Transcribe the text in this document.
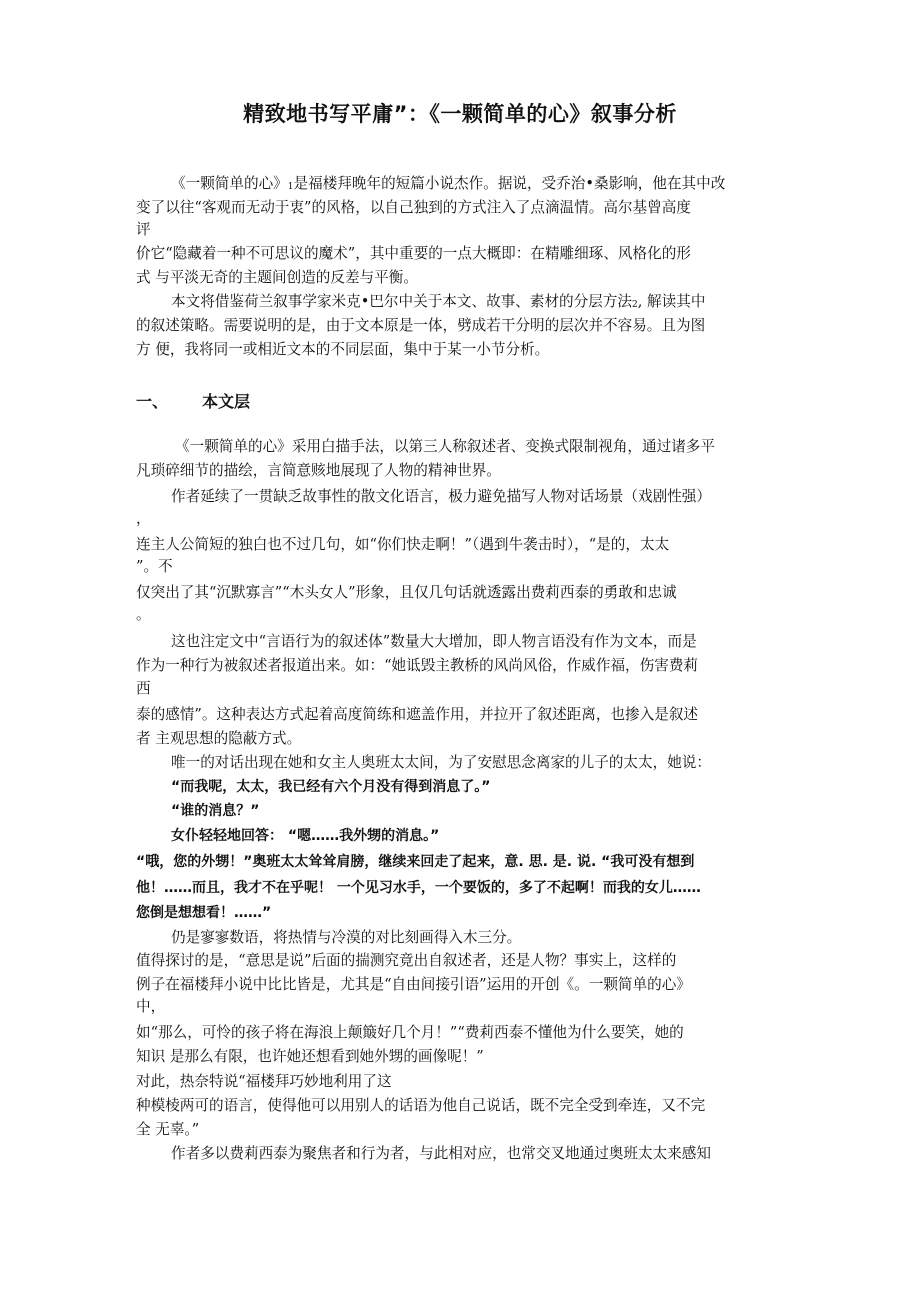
精致地书写平庸”：《一颗简单的心》叙事分析
《一颗简单的心》1是福楼拜晚年的短篇小说杰作。据说，受乔治•桑影响，他在其中改
变了以往“客观而无动于衷”的风格，以自己独到的方式注入了点滴温情。高尔基曾高度
评
价它“隐藏着一种不可思议的魔术”，其中重要的一点大概即：在精雕细琢、风格化的形
式 与平淡无奇的主题间创造的反差与平衡。
本文将借鉴荷兰叙事学家米克•巴尔中关于本文、故事、素材的分层方法2, 解读其中
的叙述策略。需要说明的是，由于文本原是一体，劈成若干分明的层次并不容易。且为图
方 便，我将同一或相近文本的不同层面，集中于某一小节分析。
一、 本文层
《一颗简单的心》采用白描手法，以第三人称叙述者、变换式限制视角，通过诸多平
凡琐碎细节的描绘，言简意赅地展现了人物的精神世界。
作者延续了一贯缺乏故事性的散文化语言，极力避免描写人物对话场景（戏剧性强）
，
连主人公简短的独白也不过几句，如“你们快走啊！”（遇到牛袭击时），“是的，太太
”。不
仅突出了其“沉默寡言”“木头女人”形象，且仅几句话就透露出费莉西泰的勇敢和忠诚
。
这也注定文中“言语行为的叙述体”数量大大增加，即人物言语没有作为文本，而是
作为一种行为被叙述者报道出来。如：“她诋毁主教桥的风尚风俗，作威作福，伤害费莉
西
泰的感情”。这种表达方式起着高度简练和遮盖作用，并拉开了叙述距离，也掺入是叙述
者 主观思想的隐蔽方式。
唯一的对话出现在她和女主人奥班太太间，为了安慰思念离家的儿子的太太，她说：
“而我呢，太太，我已经有六个月没有得到消息了。”
“谁的消息？”
女仆轻轻地回答： “嗯……我外甥的消息。”
“哦，您的外甥！”奥班太太耸耸肩膀，继续来回走了起来，意. 思. 是. 说. “我可没有想到
他！……而且，我才不在乎呢！ 一个见习水手，一个要饭的，多了不起啊！而我的女儿……
您倒是想想看！……”
仍是寥寥数语，将热情与冷漠的对比刻画得入木三分。
值得探讨的是，“意思是说”后面的揣测究竟出自叙述者，还是人物？事实上，这样的
例子在福楼拜小说中比比皆是，尤其是“自由间接引语”运用的开创《。一颗简单的心》
中，
如“那么，可怜的孩子将在海浪上颠簸好几个月！”“费莉西泰不懂他为什么要笑，她的
知识 是那么有限，也许她还想看到她外甥的画像呢！”
对此，热奈特说“福楼拜巧妙地利用了这
种模棱两可的语言，使得他可以用别人的话语为他自己说话，既不完全受到牵连，又不完
全 无辜。”
作者多以费莉西泰为聚焦者和行为者，与此相对应，也常交叉地通过奥班太太来感知
